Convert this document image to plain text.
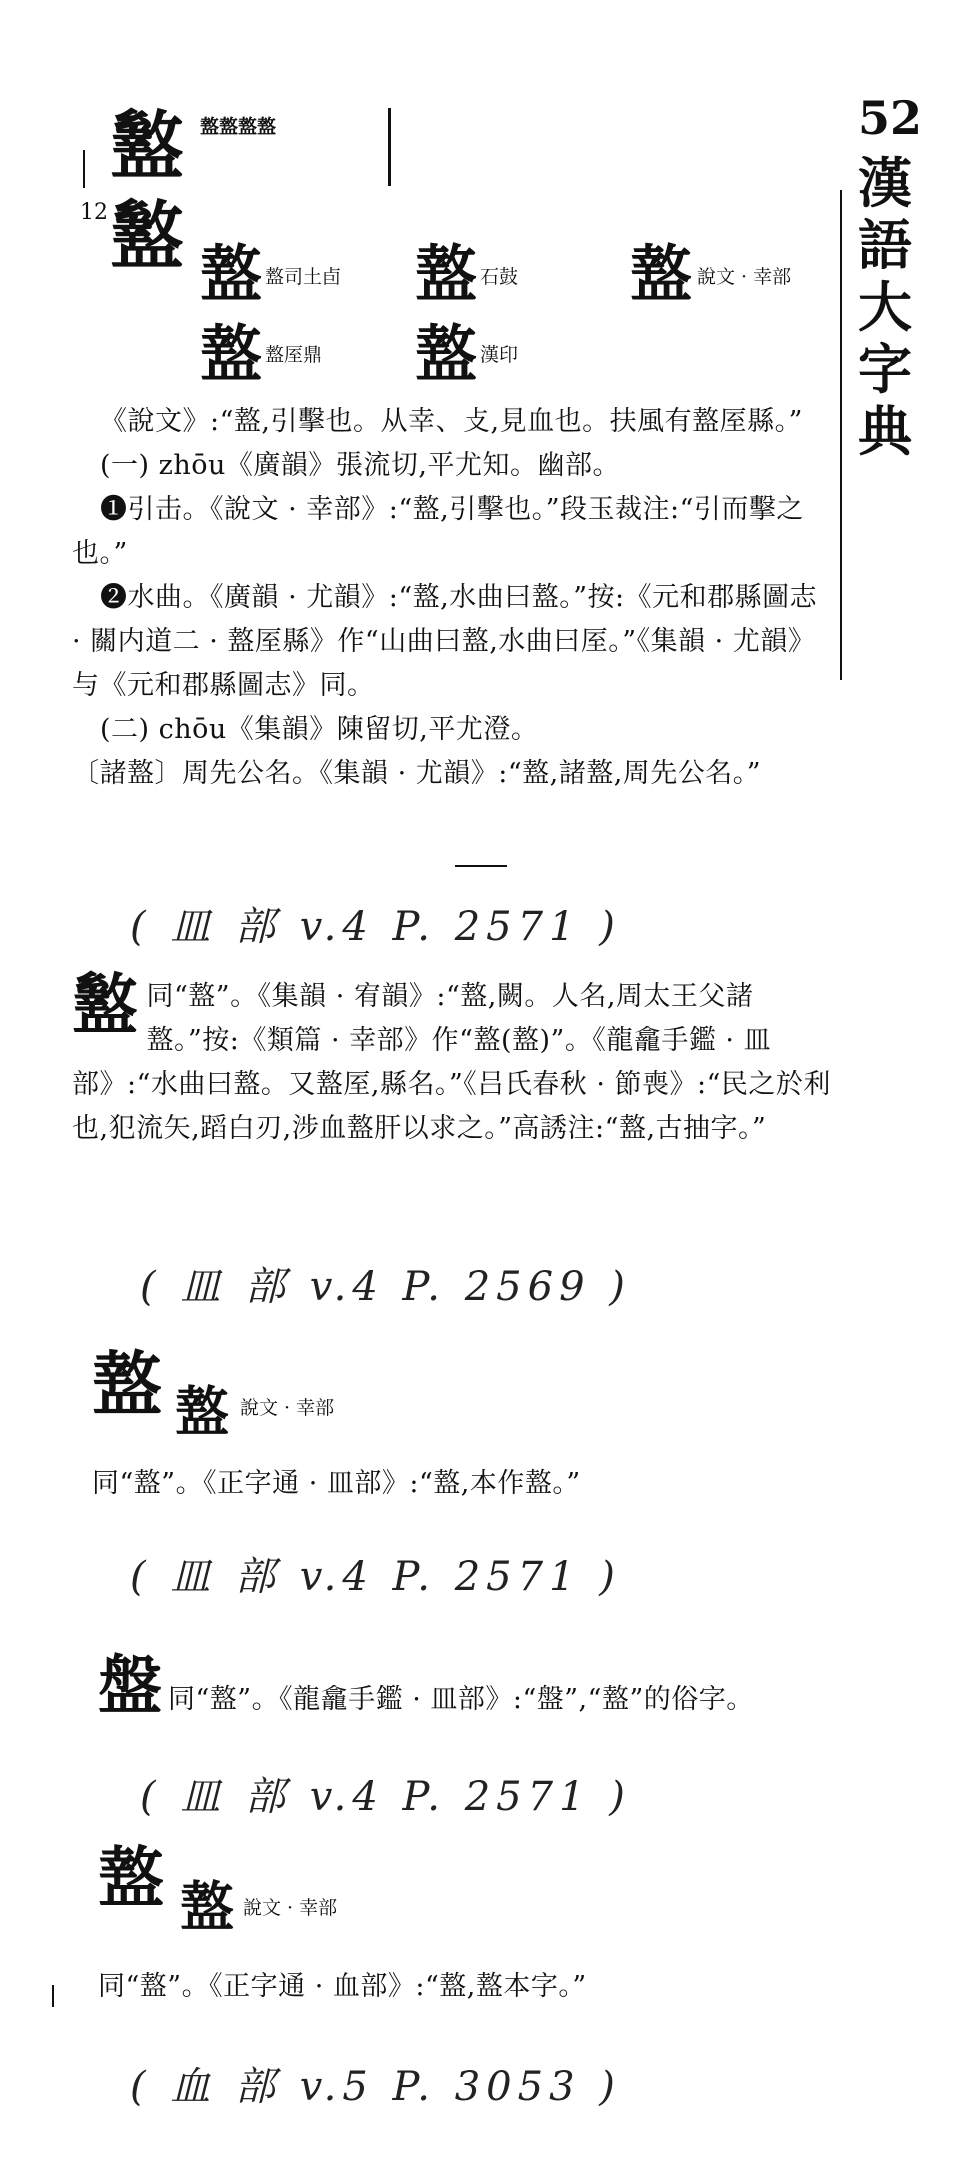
52
漢
語
大
字
典
盭 盩盩盩盩
12 盭 盩 盩司土卣 盩 石鼓 盩 說文 · 幸部
盩 盩厔鼎 盩 漢印
《說文》:“盩,引擊也。从幸、攴,見血也。扶風有盩厔縣。”
(一) zhōu《廣韻》張流切,平尤知。幽部。
❶引击。《說文 · 幸部》:“盩,引擊也。”段玉裁注:“引而擊之也。”
❷水曲。《廣韻 · 尤韻》:“盩,水曲曰盩。”按:《元和郡縣圖志 · 關内道二 · 盩厔縣》作“山曲曰盩,水曲曰厔。”《集韻 · 尤韻》与《元和郡縣圖志》同。
(二) chōu《集韻》陳留切,平尤澄。
〔諸盩〕周先公名。《集韻 · 尤韻》:“盩,諸盩,周先公名。”
( 皿 部 v.4 P. 2571 )
盭 同“盩”。《集韻 · 宥韻》:“盩,闕。人名,周太王父諸盩。”按:《類篇 · 幸部》作“盩(盩)”。《龍龕手鑑 · 皿部》:“水曲曰盩。又盩厔,縣名。”《吕氏春秋 · 節喪》:“民之於利也,犯流矢,蹈白刃,涉血盩肝以求之。”高誘注:“盩,古抽字。”
( 皿 部 v.4 P. 2569 )
盩 盩 說文 · 幸部
同“盩”。《正字通 · 皿部》:“盩,本作盩。”
( 皿 部 v.4 P. 2571 )
盤 同“盩”。《龍龕手鑑 · 皿部》:“盤”,“盩”的俗字。
( 皿 部 v.4 P. 2571 )
盩 盩 說文 · 幸部
同“盩”。《正字通 · 血部》:“盩,盩本字。”
( 血 部 v.5 P. 3053 )
